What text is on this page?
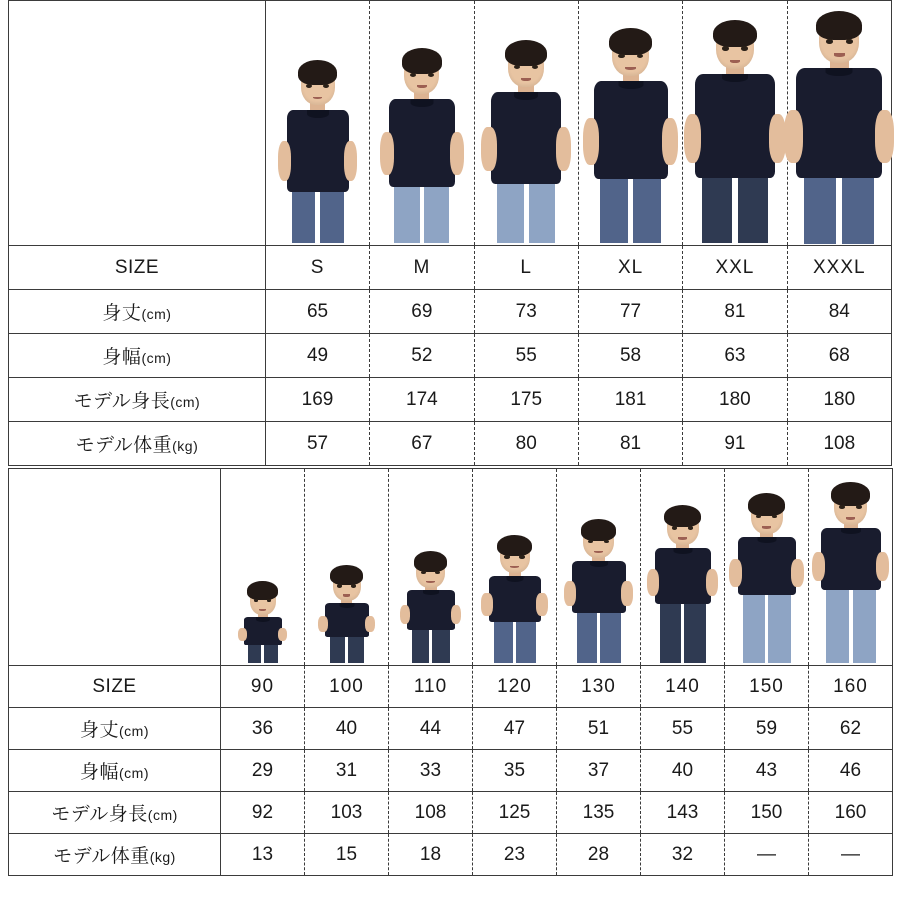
SIZE	S	M	L	XL	XXL	XXXL
身丈(cm)	65	69	73	77	81	84
身幅(cm)	49	52	55	58	63	68
モデル身長(cm)	169	174	175	181	180	180
モデル体重(kg)	57	67	80	81	91	108

SIZE	90	100	110	120	130	140	150	160
身丈(cm)	36	40	44	47	51	55	59	62
身幅(cm)	29	31	33	35	37	40	43	46
モデル身長(cm)	92	103	108	125	135	143	150	160
モデル体重(kg)	13	15	18	23	28	32	—	—
